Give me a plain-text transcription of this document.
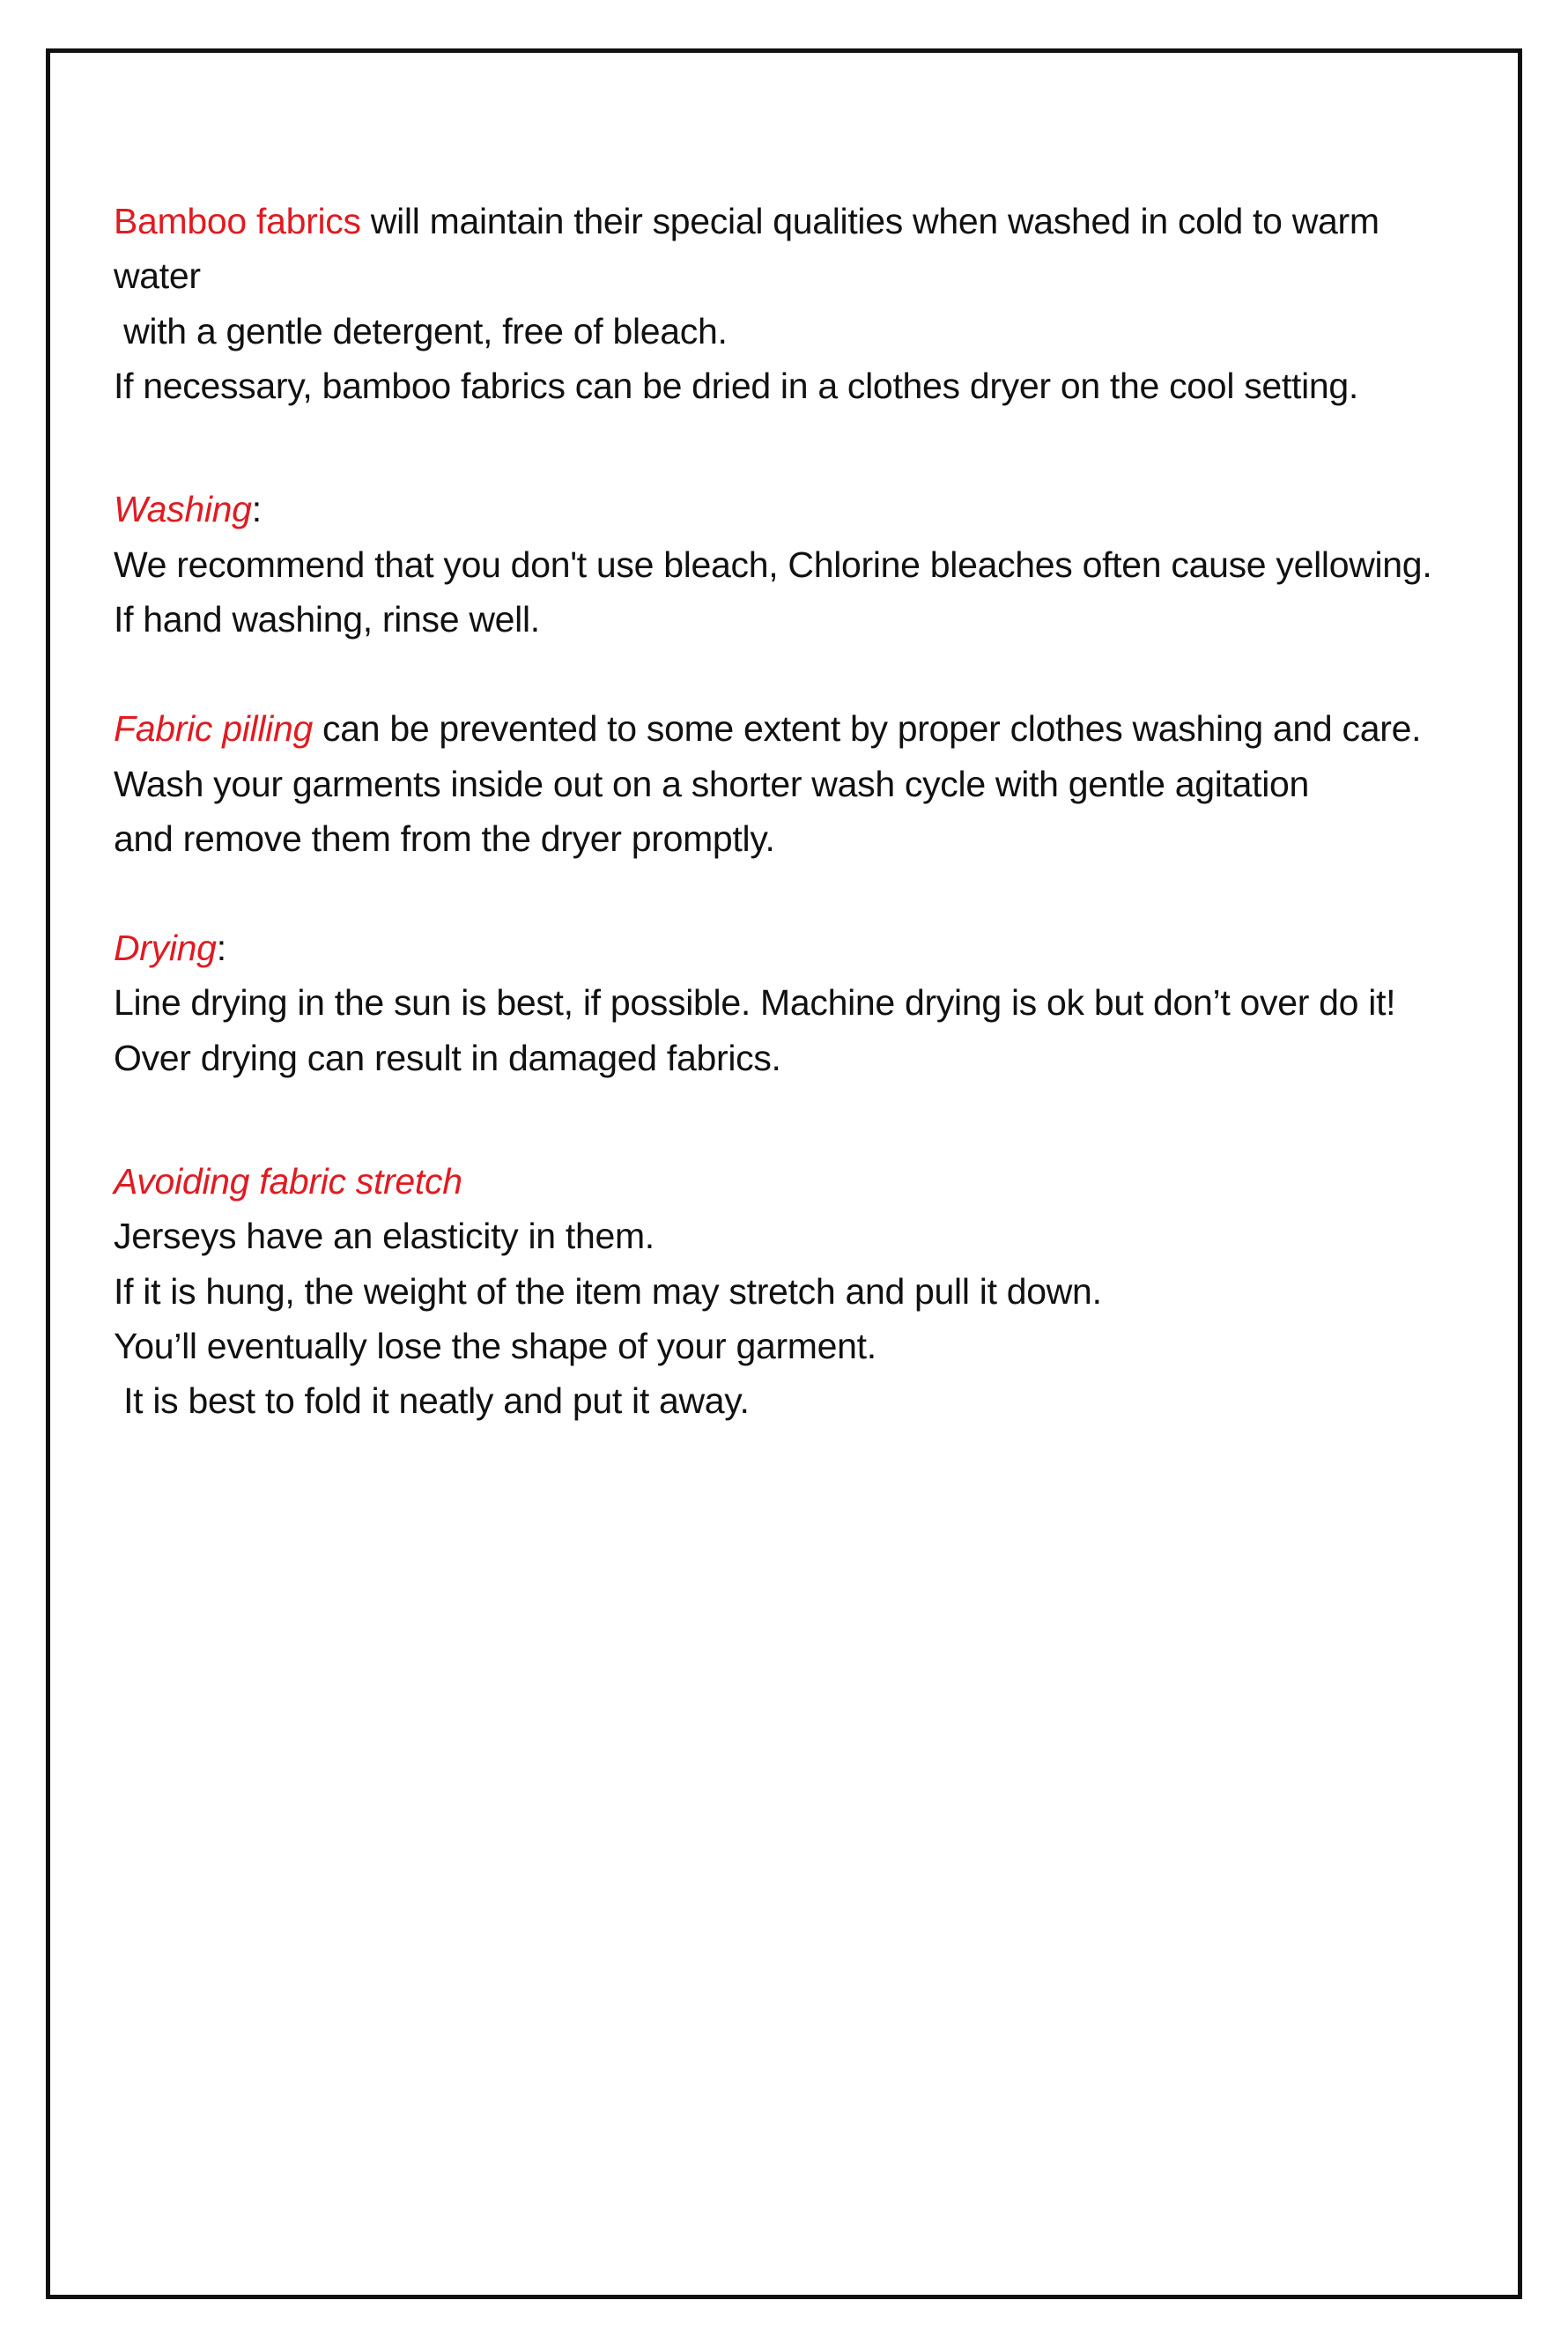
Bamboo fabrics will maintain their special qualities when washed in cold to warm water
with a gentle detergent, free of bleach.
If necessary, bamboo fabrics can be dried in a clothes dryer on the cool setting.

Washing:
We recommend that you don't use bleach, Chlorine bleaches often cause yellowing.
If hand washing, rinse well.

Fabric pilling can be prevented to some extent by proper clothes washing and care.
Wash your garments inside out on a shorter wash cycle with gentle agitation
and remove them from the dryer promptly.

Drying:
Line drying in the sun is best, if possible. Machine drying is ok but don’t over do it!
Over drying can result in damaged fabrics.

Avoiding fabric stretch
Jerseys have an elasticity in them.
If it is hung, the weight of the item may stretch and pull it down.
You’ll eventually lose the shape of your garment.
It is best to fold it neatly and put it away.
